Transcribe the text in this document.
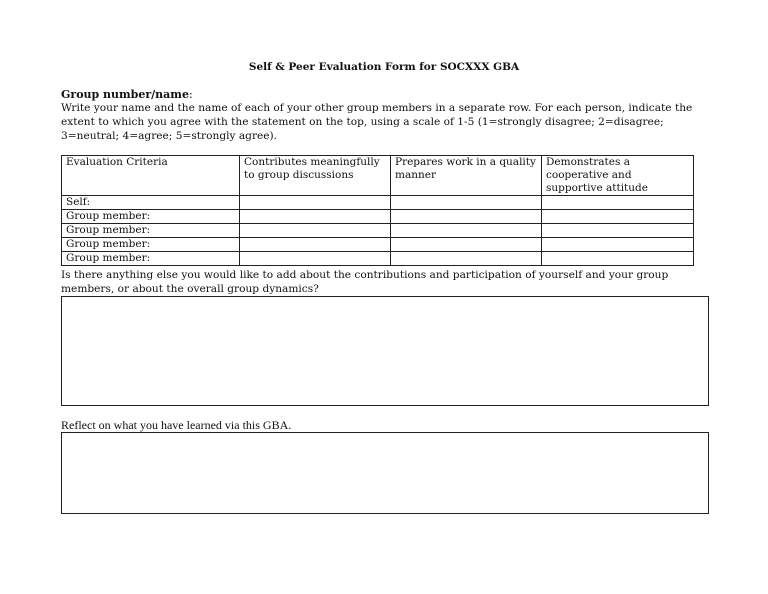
Self & Peer Evaluation Form for SOCXXX GBA
Group number/name:
Write your name and the name of each of your other group members in a separate row. For each person, indicate the extent to which you agree with the statement on the top, using a scale of 1-5 (1=strongly disagree; 2=disagree; 3=neutral; 4=agree; 5=strongly agree).
Evaluation Criteria	Contributes meaningfully to group discussions	Prepares work in a quality manner	Demonstrates a cooperative and supportive attitude
Self:			
Group member:			
Group member:			
Group member:			
Group member:			
Is there anything else you would like to add about the contributions and participation of yourself and your group members, or about the overall group dynamics?
Reflect on what you have learned via this GBA.
